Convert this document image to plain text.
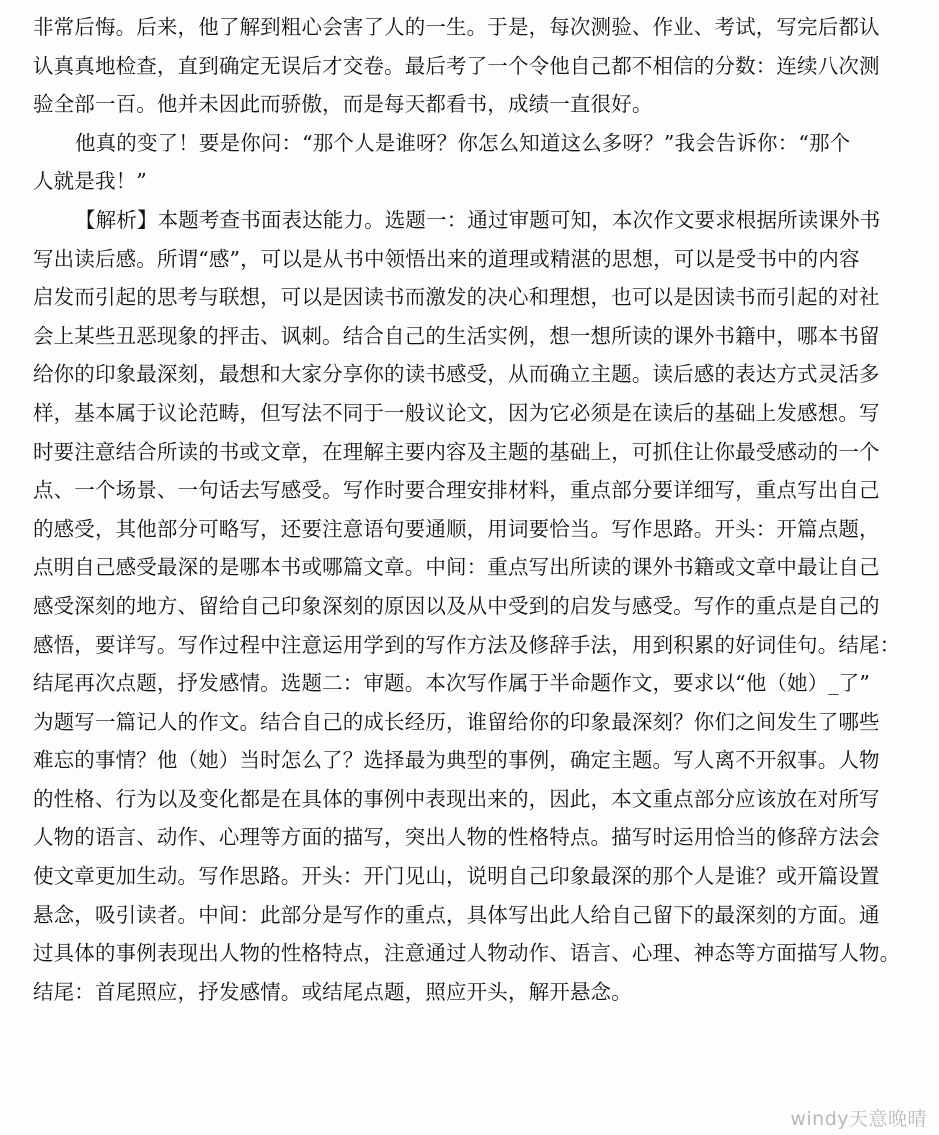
非常后悔。后来，他了解到粗心会害了人的一生。于是，每次测验、作业、考试，写完后都认
认真真地检查，直到确定无误后才交卷。最后考了一个令他自己都不相信的分数：连续八次测
验全部一百。他并未因此而骄傲，而是每天都看书，成绩一直很好。
他真的变了！要是你问：“那个人是谁呀？你怎么知道这么多呀？”我会告诉你：“那个
人就是我！”
【解析】本题考查书面表达能力。选题一：通过审题可知，本次作文要求根据所读课外书
写出读后感。所谓“感”，可以是从书中领悟出来的道理或精湛的思想，可以是受书中的内容
启发而引起的思考与联想，可以是因读书而激发的决心和理想，也可以是因读书而引起的对社
会上某些丑恶现象的抨击、讽刺。结合自己的生活实例，想一想所读的课外书籍中，哪本书留
给你的印象最深刻，最想和大家分享你的读书感受，从而确立主题。读后感的表达方式灵活多
样，基本属于议论范畴，但写法不同于一般议论文，因为它必须是在读后的基础上发感想。写
时要注意结合所读的书或文章，在理解主要内容及主题的基础上，可抓住让你最受感动的一个
点、一个场景、一句话去写感受。写作时要合理安排材料，重点部分要详细写，重点写出自己
的感受，其他部分可略写，还要注意语句要通顺，用词要恰当。写作思路。开头：开篇点题，
点明自己感受最深的是哪本书或哪篇文章。中间：重点写出所读的课外书籍或文章中最让自己
感受深刻的地方、留给自己印象深刻的原因以及从中受到的启发与感受。写作的重点是自己的
感悟，要详写。写作过程中注意运用学到的写作方法及修辞手法，用到积累的好词佳句。结尾：
结尾再次点题，抒发感情。选题二：审题。本次写作属于半命题作文，要求以“他（她）_了”
为题写一篇记人的作文。结合自己的成长经历，谁留给你的印象最深刻？你们之间发生了哪些
难忘的事情？他（她）当时怎么了？选择最为典型的事例，确定主题。写人离不开叙事。人物
的性格、行为以及变化都是在具体的事例中表现出来的，因此，本文重点部分应该放在对所写
人物的语言、动作、心理等方面的描写，突出人物的性格特点。描写时运用恰当的修辞方法会
使文章更加生动。写作思路。开头：开门见山，说明自己印象最深的那个人是谁？或开篇设置
悬念，吸引读者。中间：此部分是写作的重点，具体写出此人给自己留下的最深刻的方面。通
过具体的事例表现出人物的性格特点，注意通过人物动作、语言、心理、神态等方面描写人物。
结尾：首尾照应，抒发感情。或结尾点题，照应开头，解开悬念。
windy天意晚晴
